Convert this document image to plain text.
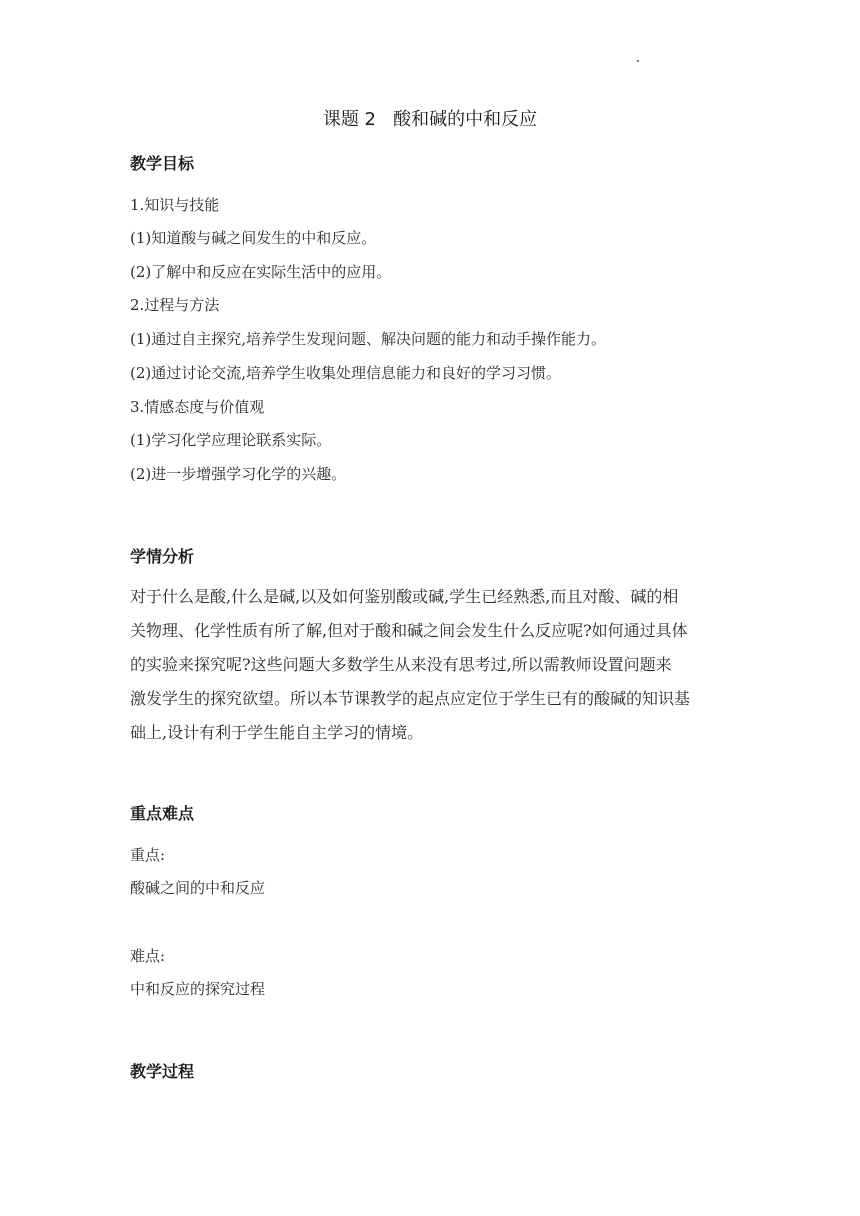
课题 2   酸和碱的中和反应
教学目标
1.知识与技能
(1)知道酸与碱之间发生的中和反应。
(2)了解中和反应在实际生活中的应用。
2.过程与方法
(1)通过自主探究,培养学生发现问题、解决问题的能力和动手操作能力。
(2)通过讨论交流,培养学生收集处理信息能力和良好的学习习惯。
3.情感态度与价值观
(1)学习化学应理论联系实际。
(2)进一步增强学习化学的兴趣。
学情分析
对于什么是酸,什么是碱,以及如何鉴别酸或碱,学生已经熟悉,而且对酸、碱的相
关物理、化学性质有所了解,但对于酸和碱之间会发生什么反应呢?如何通过具体
的实验来探究呢?这些问题大多数学生从来没有思考过,所以需教师设置问题来
激发学生的探究欲望。所以本节课教学的起点应定位于学生已有的酸碱的知识基
础上,设计有利于学生能自主学习的情境。
重点难点
重点:
酸碱之间的中和反应
难点:
中和反应的探究过程
教学过程
